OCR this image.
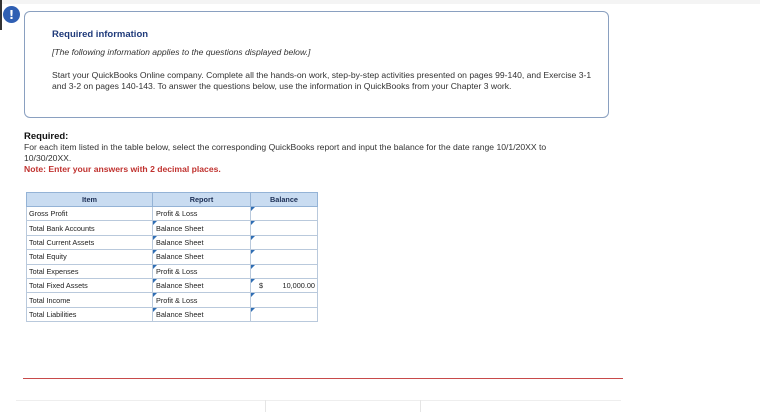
!
Required information
[The following information applies to the questions displayed below.]
Start your QuickBooks Online company. Complete all the hands-on work, step-by-step activities presented on pages 99-140, and Exercise 3-1 and 3-2 on pages 140-143. To answer the questions below, use the information in QuickBooks from your Chapter 3 work.
Required:
For each item listed in the table below, select the corresponding QuickBooks report and input the balance for the date range 10/1/20XX to 10/30/20XX.
Note: Enter your answers with 2 decimal places.
Item	Report	Balance
Gross Profit	Profit & Loss	

Total Bank Accounts	Balance Sheet	

Total Current Assets	Balance Sheet	

Total Equity	Balance Sheet	

Total Expenses	Profit & Loss	

Total Fixed Assets	Balance Sheet	$ 10,000.00

Total Income	Profit & Loss	

Total Liabilities	Balance Sheet	
